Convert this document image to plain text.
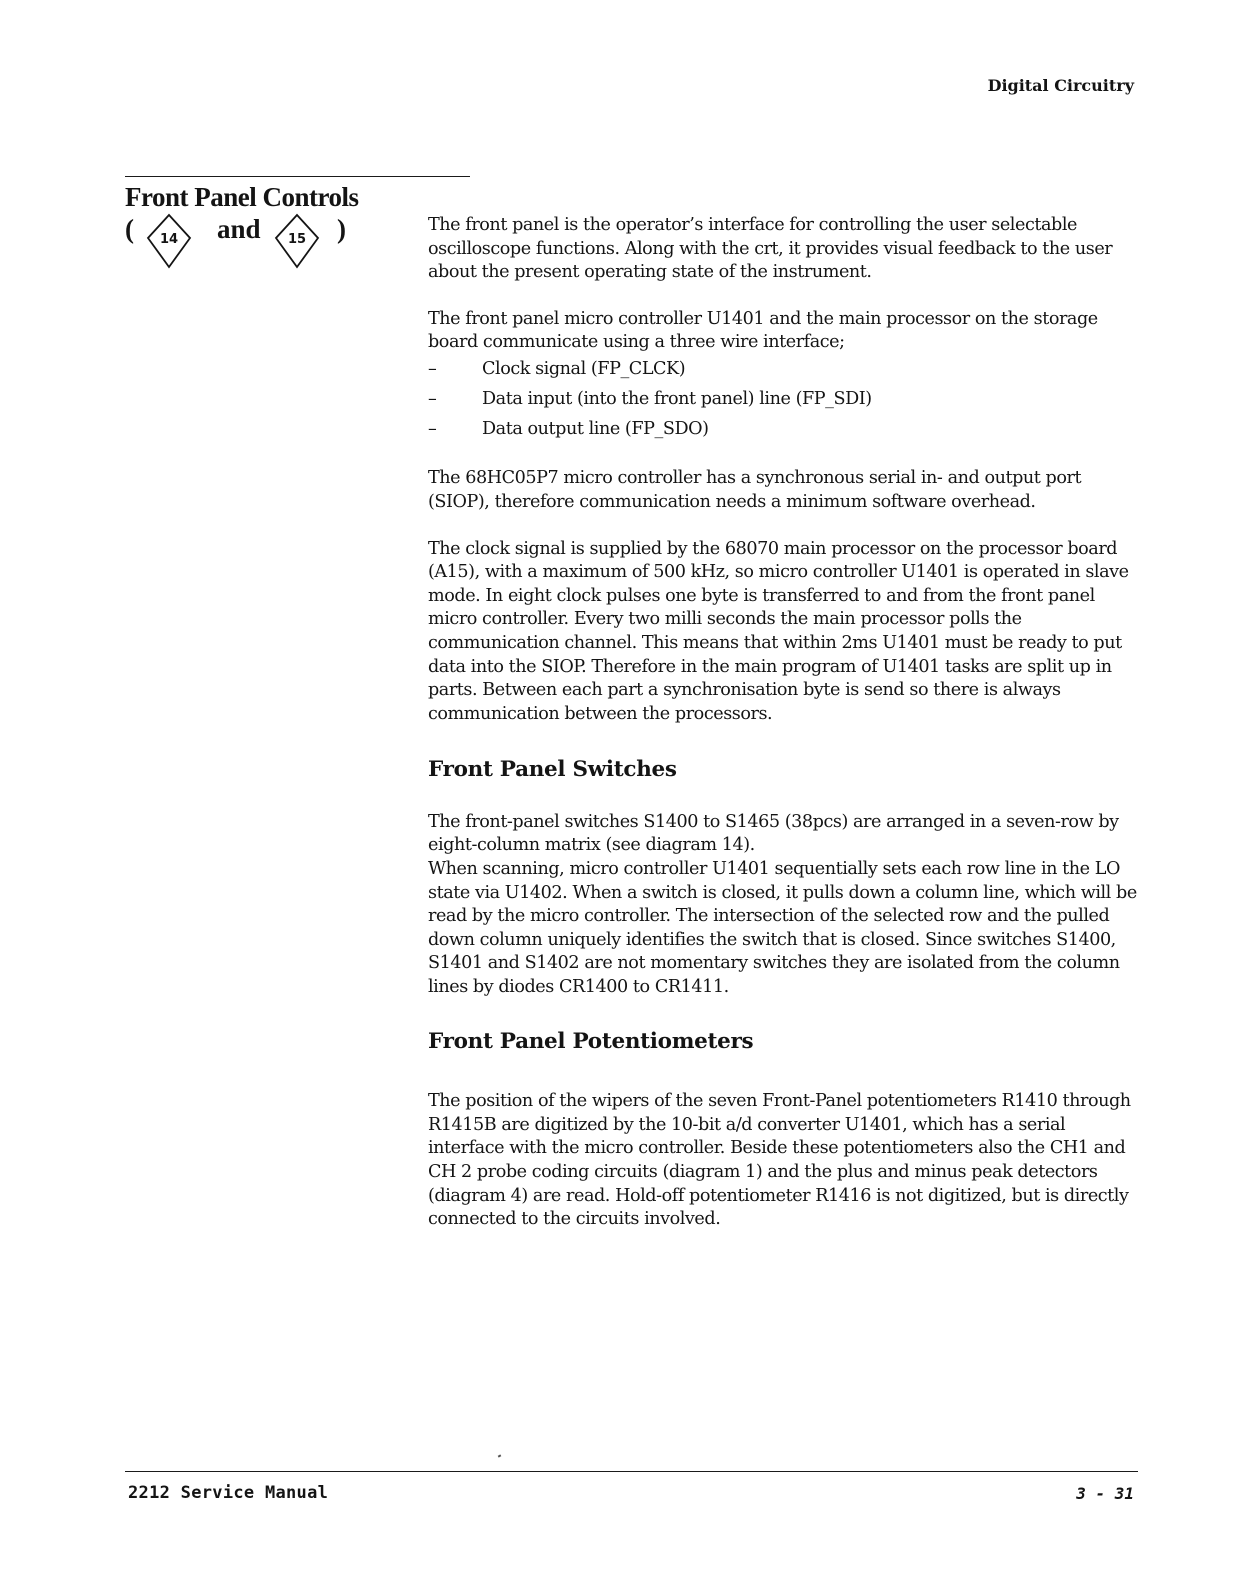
Digital Circuitry
Front Panel Controls
( 14 and 15 )	The front panel is the operator’s interface for controlling the user selectable oscilloscope functions. Along with the crt, it provides visual feedback to the user about the present operating state of the instrument.

The front panel micro controller U1401 and the main processor on the storage board communicate using a three wire interface;

–	Clock signal (FP_CLCK)
–	Data input (into the front panel) line (FP_SDI)
–	Data output line (FP_SDO)

The 68HC05P7 micro controller has a synchronous serial in- and output port (SIOP), therefore communication needs a minimum software overhead.

The clock signal is supplied by the 68070 main processor on the processor board (A15), with a maximum of 500 kHz, so micro controller U1401 is operated in slave mode. In eight clock pulses one byte is transferred to and from the front panel micro controller. Every two milli seconds the main processor polls the communication channel. This means that within 2ms U1401 must be ready to put data into the SIOP. Therefore in the main program of U1401 tasks are split up in parts. Between each part a synchronisation byte is send so there is always communication between the processors.

Front Panel Switches

The front-panel switches S1400 to S1465 (38pcs) are arranged in a seven-row by eight-column matrix (see diagram 14).

When scanning, micro controller U1401 sequentially sets each row line in the LO state via U1402. When a switch is closed, it pulls down a column line, which will be read by the micro controller. The intersection of the selected row and the pulled down column uniquely identifies the switch that is closed. Since switches S1400, S1401 and S1402 are not momentary switches they are isolated from the column lines by diodes CR1400 to CR1411.

Front Panel Potentiometers

The position of the wipers of the seven Front-Panel potentiometers R1410 through R1415B are digitized by the 10-bit a/d converter U1401, which has a serial interface with the micro controller. Beside these potentiometers also the CH1 and CH 2 probe coding circuits (diagram 1) and the plus and minus peak detectors (diagram 4) are read. Hold-off potentiometer R1416 is not digitized, but is directly connected to the circuits involved.

2212 Service Manual	3 - 31
